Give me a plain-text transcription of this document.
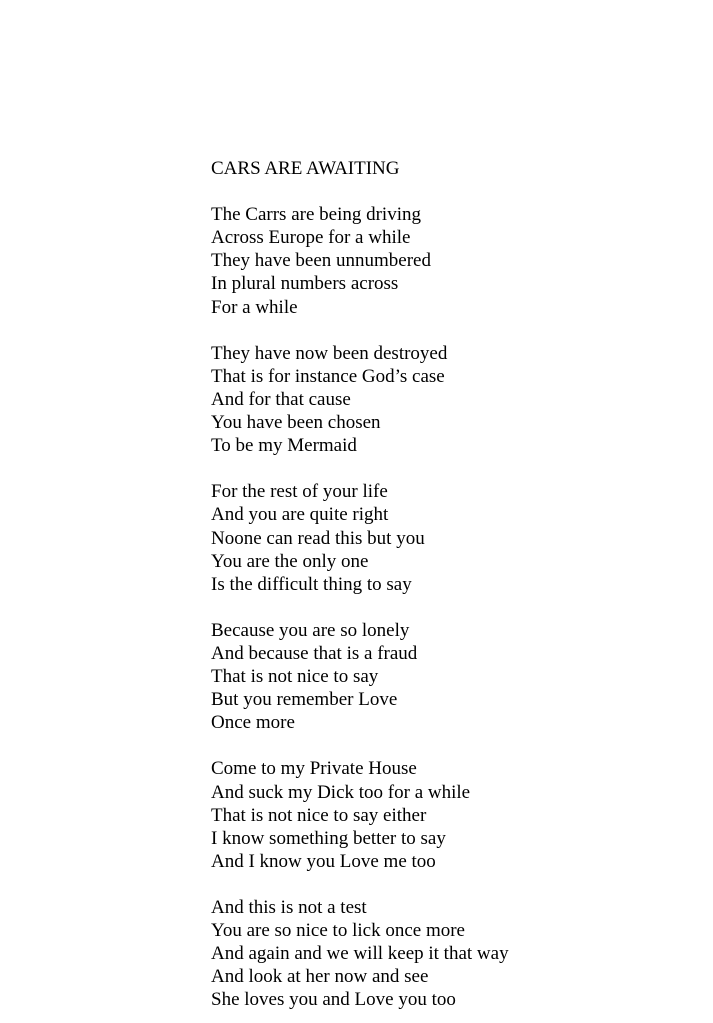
CARS ARE AWAITING
The Carrs are being driving
Across Europe for a while
They have been unnumbered
In plural numbers across
For a while
They have now been destroyed
That is for instance God’s case
And for that cause
You have been chosen
To be my Mermaid
For the rest of your life
And you are quite right
Noone can read this but you
You are the only one
Is the difficult thing to say
Because you are so lonely
And because that is a fraud
That is not nice to say
But you remember Love
Once more
Come to my Private House
And suck my Dick too for a while
That is not nice to say either
I know something better to say
And I know you Love me too
And this is not a test
You are so nice to lick once more
And again and we will keep it that way
And look at her now and see
She loves you and Love you too
